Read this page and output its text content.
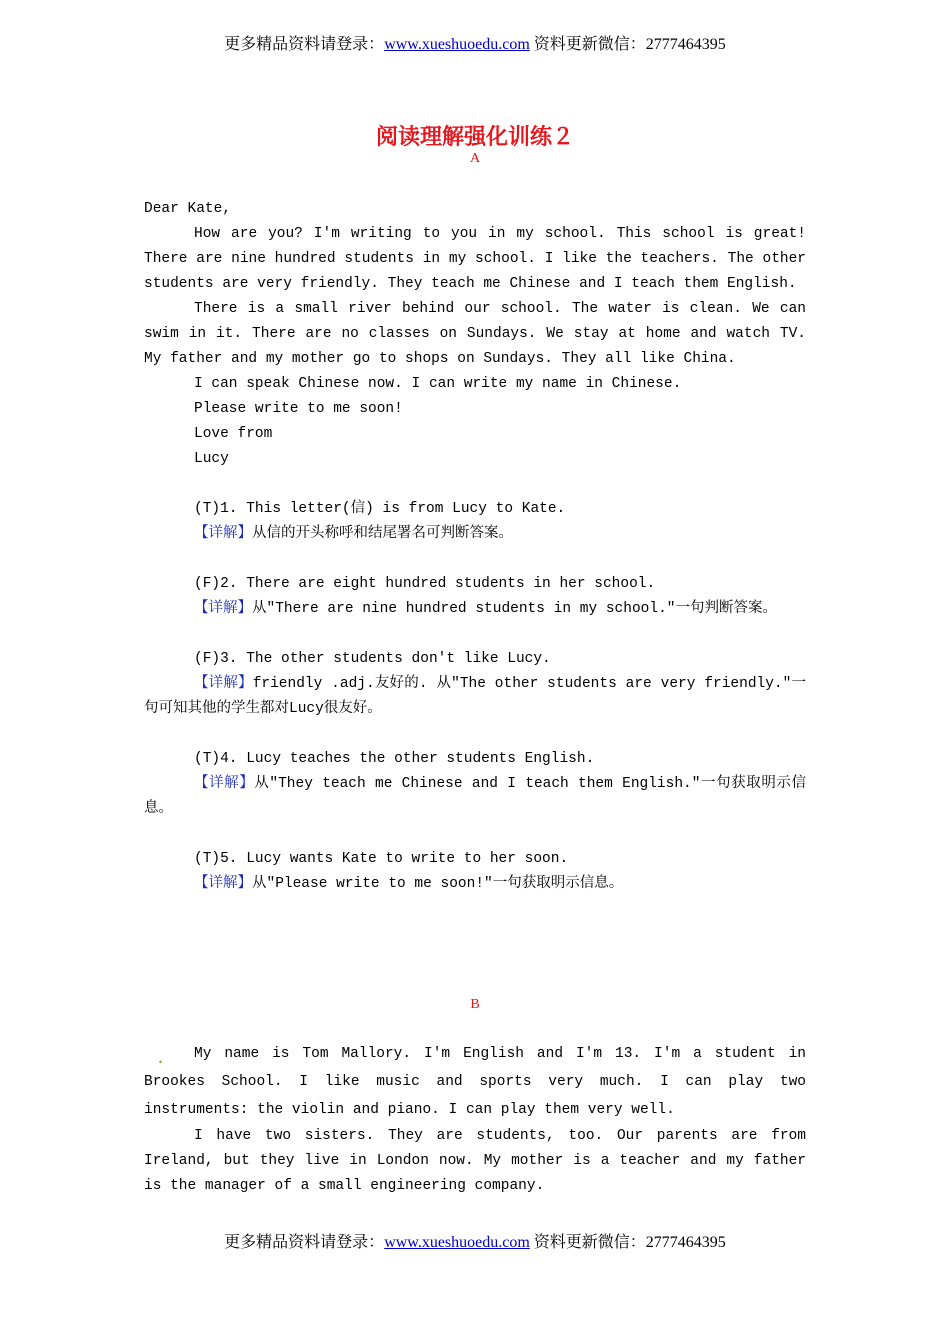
更多精品资料请登录：www.xueshuoedu.com 资料更新微信：2777464395
阅读理解强化训练２
A

Dear Kate,

How are you? I'm writing to you in my school. This school is great! There are nine hundred students in my school. I like the teachers. The other students are very friendly. They teach me Chinese and I teach them English.

There is a small river behind our school. The water is clean. We can swim in it. There are no classes on Sundays. We stay at home and watch TV. My father and my mother go to shops on Sundays. They all like China.

I can speak Chinese now. I can write my name in Chinese.

Please write to me soon!

Love from

Lucy

(T)1. This letter(信) is from Lucy to Kate.

【详解】从信的开头称呼和结尾署名可判断答案。

(F)2. There are eight hundred students in her school.

【详解】从"There are nine hundred students in my school."一句判断答案。

(F)3. The other students don't like Lucy.

【详解】friendly .adj.友好的. 从"The other students are very friendly."一句可知其他的学生都对Lucy很友好。

(T)4. Lucy teaches the other students English.

【详解】从"They teach me Chinese and I teach them English."一句获取明示信息。

(T)5. Lucy wants Kate to write to her soon.

【详解】从"Please write to me soon!"一句获取明示信息。

B

My name is Tom Mallory. I'm English and I'm 13. I'm a student in Brookes School. I like music and sports very much. I can play two instruments: the violin and piano. I can play them very well.

I have two sisters. They are students, too. Our parents are from Ireland, but they live in London now. My mother is a teacher and my father is the manager of a small engineering company.

.
更多精品资料请登录：www.xueshuoedu.com 资料更新微信：2777464395
